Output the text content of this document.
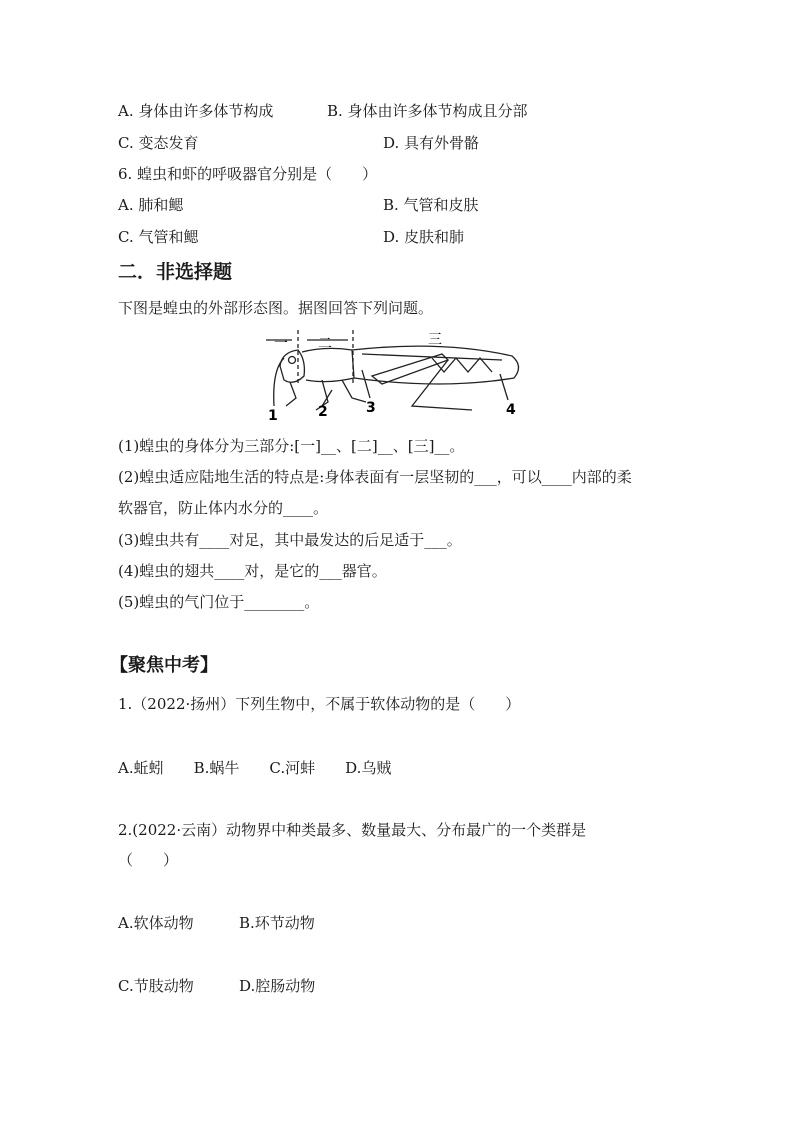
A. 身体由许多体节构成	B. 身体由许多体节构成且分部
C. 变态发育	D. 具有外骨骼
6. 蝗虫和虾的呼吸器官分别是（　　）
A. 肺和鳃	B. 气管和皮肤
C. 气管和鳃	D. 皮肤和肺
二．非选择题
下图是蝗虫的外部形态图。据图回答下列问题。
一 二	三
1	2	3	4
(1)蝗虫的身体分为三部分:[一]__、[二]__、[三]__。
(2)蝗虫适应陆地生活的特点是:身体表面有一层坚韧的___，可以____内部的柔
软器官，防止体内水分的____。
(3)蝗虫共有____对足，其中最发达的后足适于___。
(4)蝗虫的翅共____对，是它的___器官。
(5)蝗虫的气门位于________。
【聚焦中考】
1.（2022·扬州）下列生物中，不属于软体动物的是（　　）
A.蚯蚓　　B.蜗牛　　C.河蚌　　D.乌贼
2.(2022·云南）动物界中种类最多、数量最大、分布最广的一个类群是
（　　）
A.软体动物	B.环节动物
C.节肢动物	D.腔肠动物
